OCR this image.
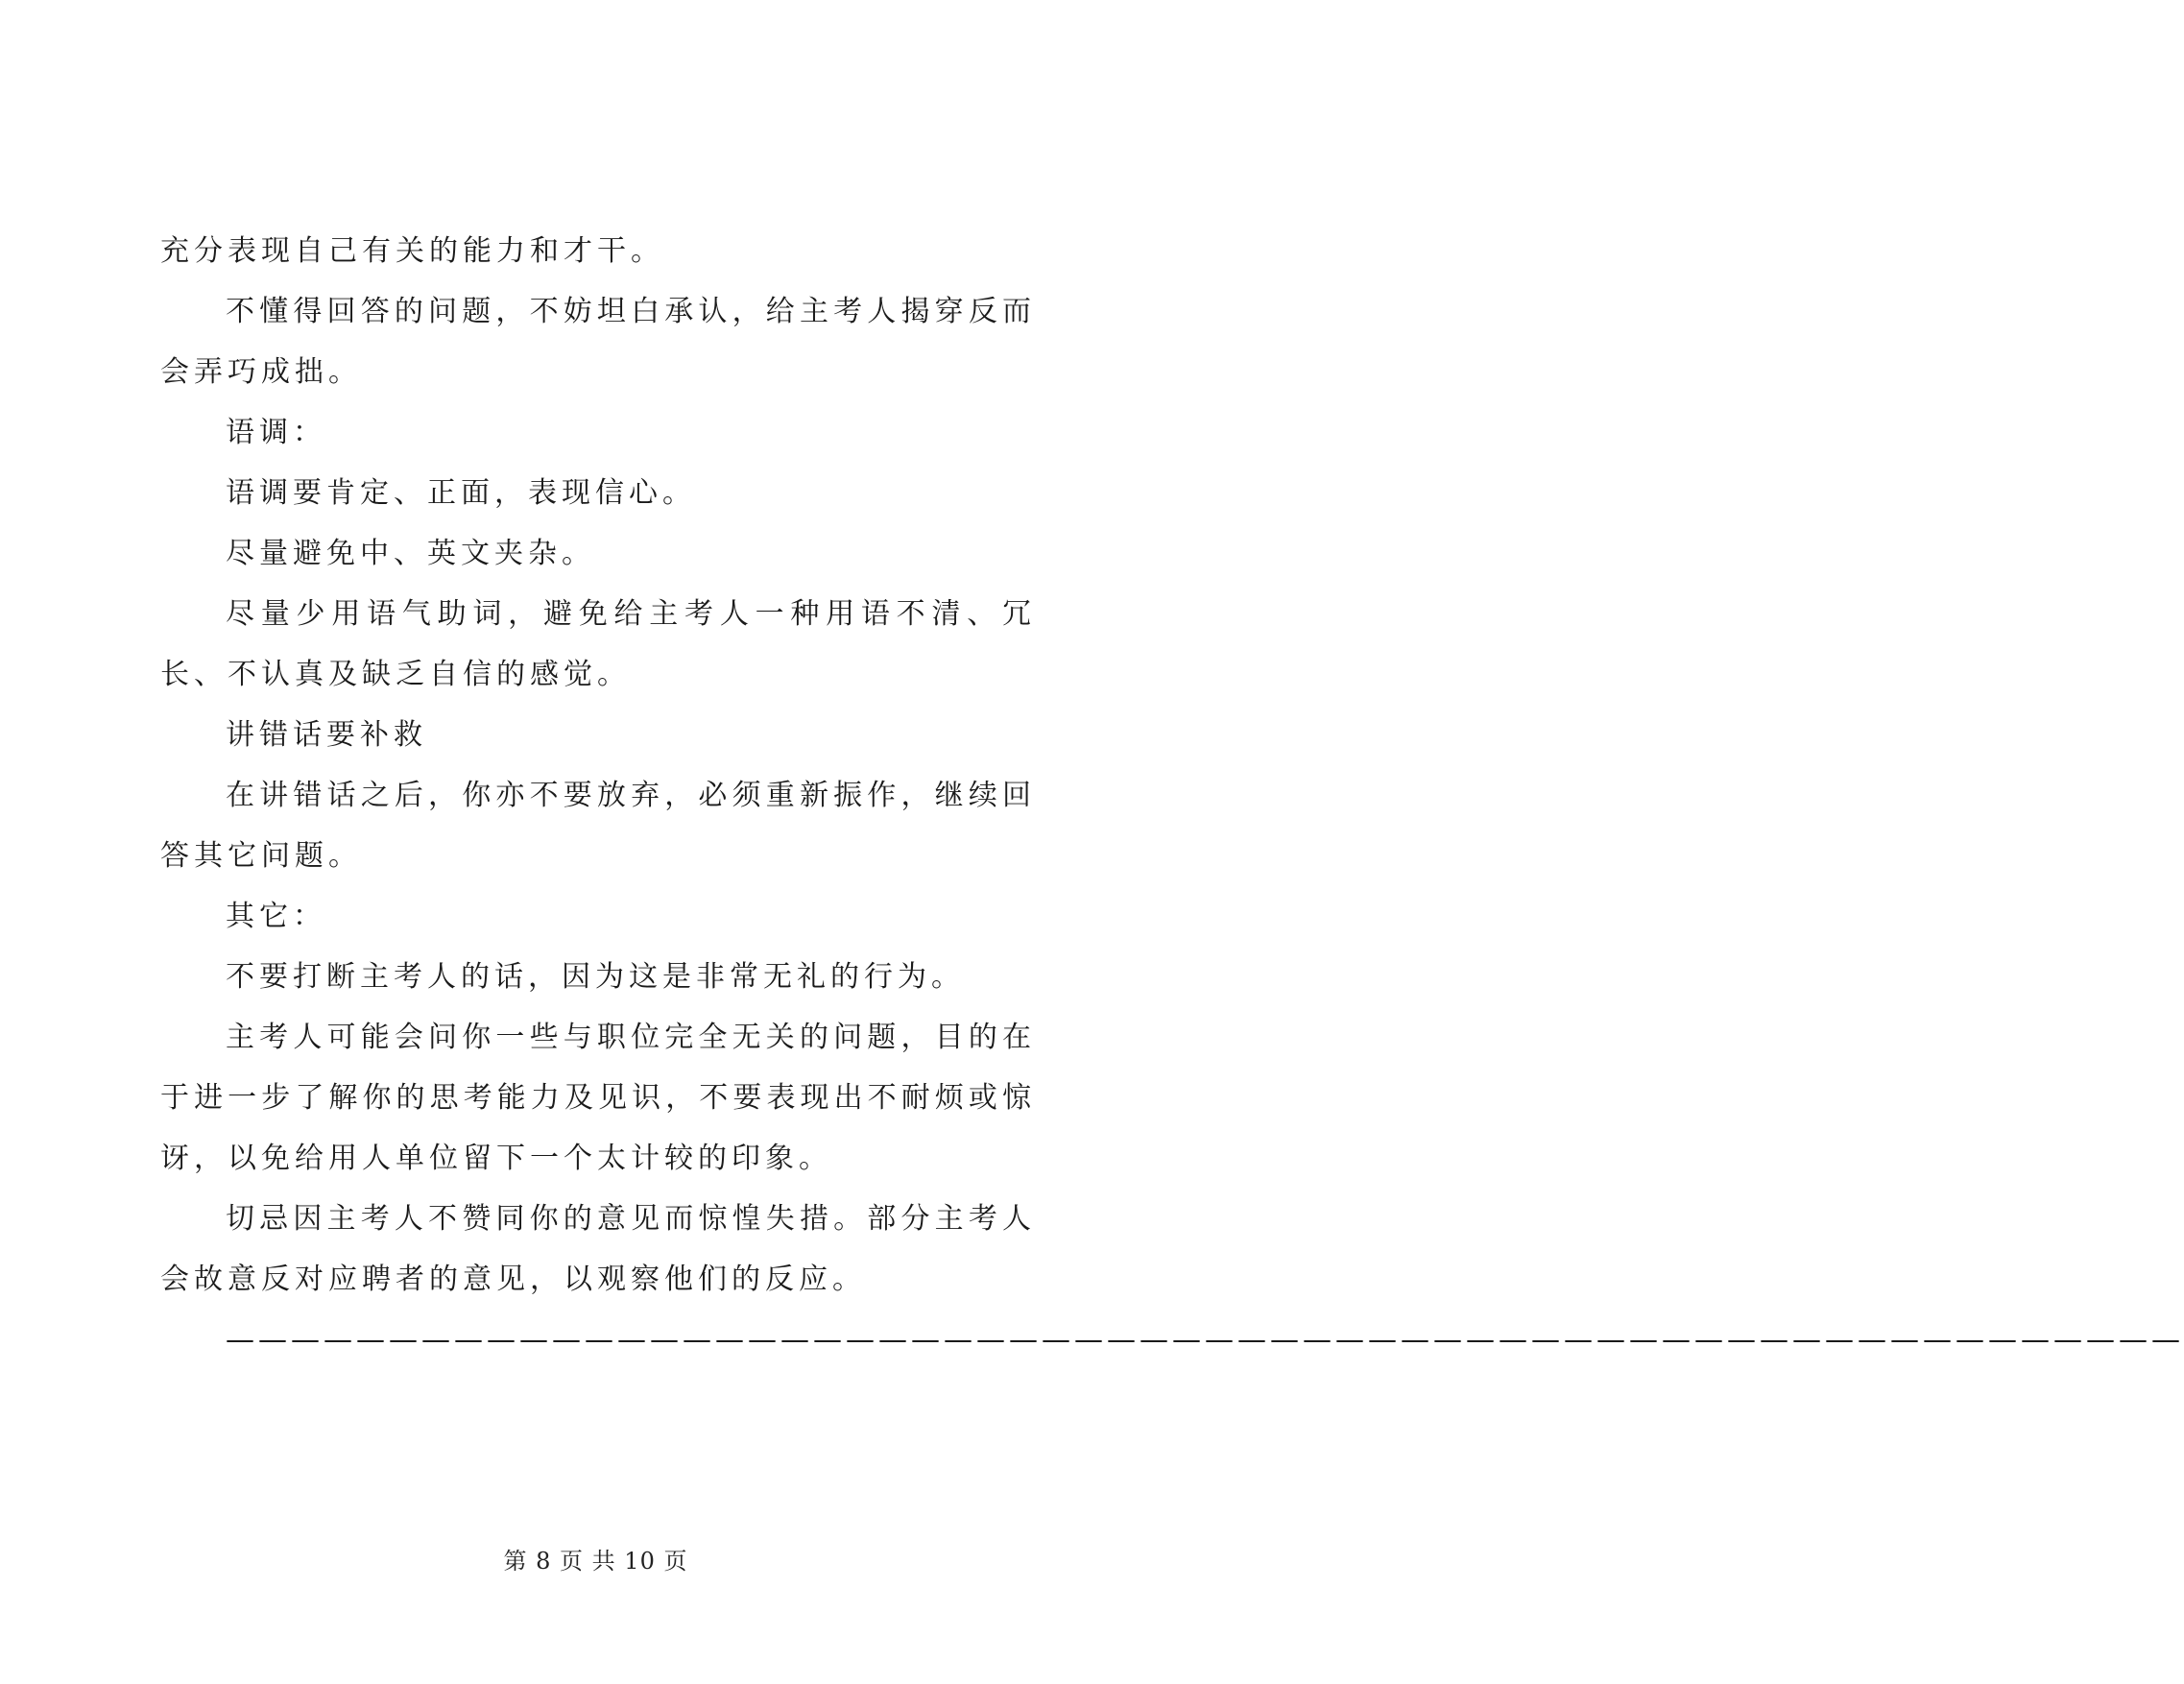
充分表现自己有关的能力和才干。

不懂得回答的问题，不妨坦白承认，给主考人揭穿反而会弄巧成拙。

语调：

语调要肯定、正面，表现信心。

尽量避免中、英文夹杂。

尽量少用语气助词，避免给主考人一种用语不清、冗长、不认真及缺乏自信的感觉。

讲错话要补救

在讲错话之后，你亦不要放弃，必须重新振作，继续回答其它问题。

其它：

不要打断主考人的话，因为这是非常无礼的行为。

主考人可能会问你一些与职位完全无关的问题，目的在于进一步了解你的思考能力及见识，不要表现出不耐烦或惊讶，以免给用人单位留下一个太计较的印象。

切忌因主考人不赞同你的意见而惊惶失措。部分主考人会故意反对应聘者的意见，以观察他们的反应。

————————————————————————————————————————————————————————————

第 8 页 共 10 页
